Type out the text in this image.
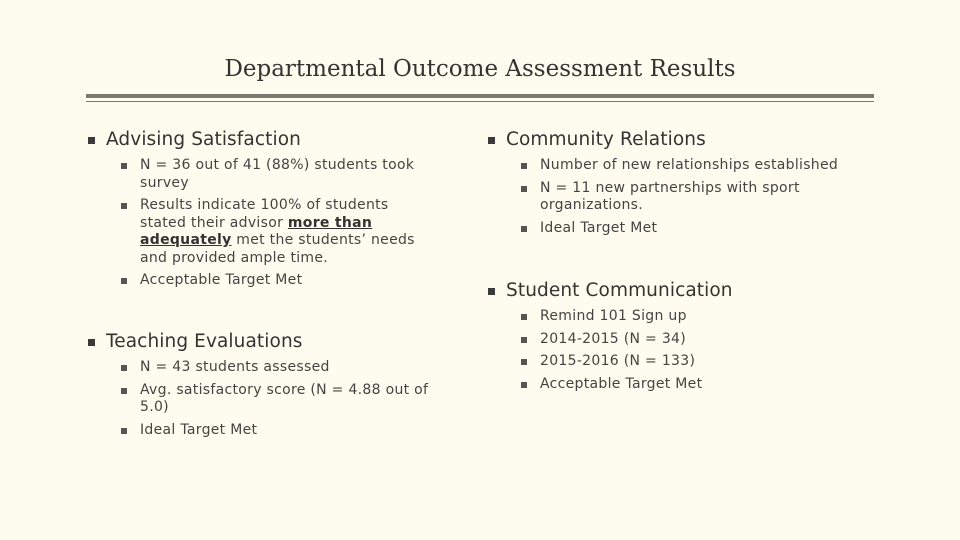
Departmental Outcome Assessment Results
Advising Satisfaction
N = 36 out of 41 (88%) students took survey
Results indicate 100% of students stated their advisor more than adequately met the students’ needs and provided ample time.
Acceptable Target Met
Teaching Evaluations
N = 43 students assessed
Avg. satisfactory score (N = 4.88 out of 5.0)
Ideal Target Met
Community Relations
Number of new relationships established
N = 11 new partnerships with sport organizations.
Ideal Target Met
Student Communication
Remind 101 Sign up
2014-2015 (N = 34)
2015-2016 (N = 133)
Acceptable Target Met
